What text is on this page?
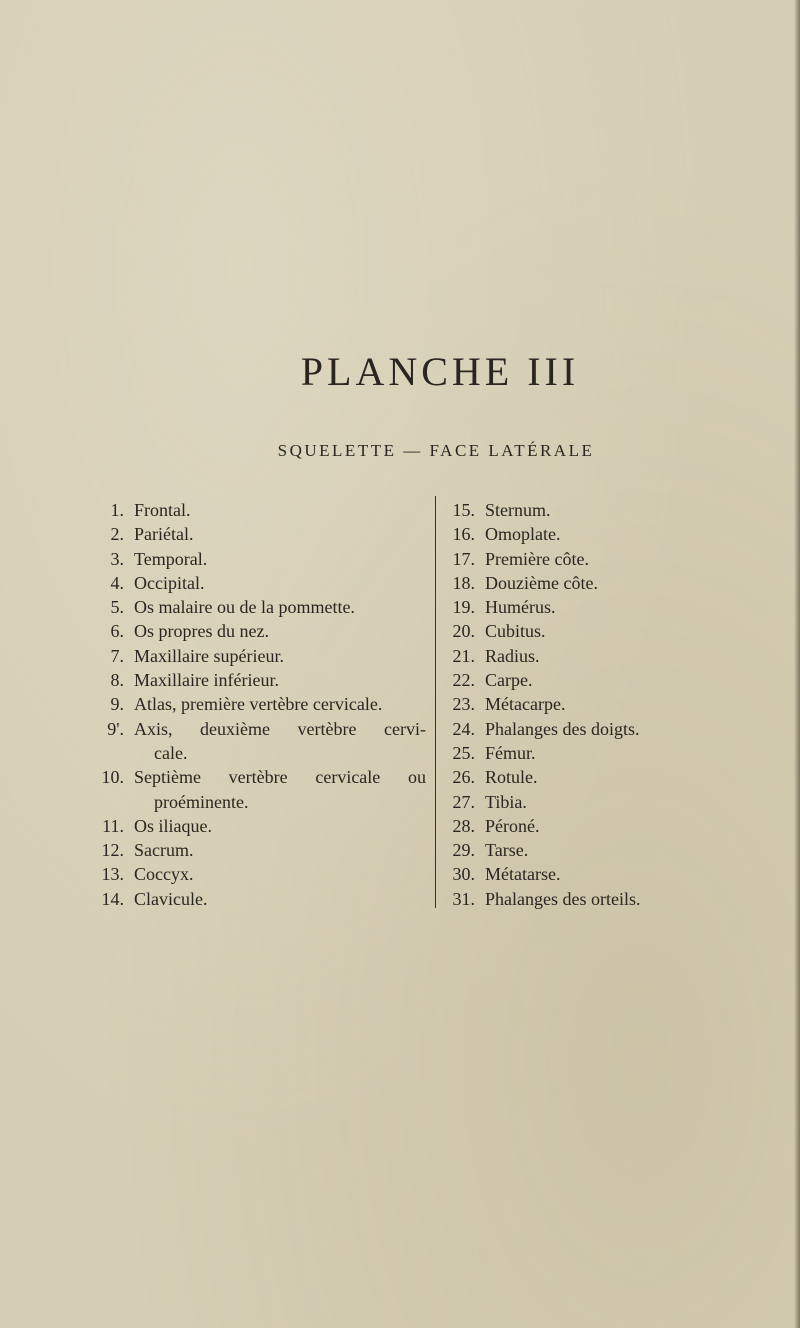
PLANCHE III

SQUELETTE — FACE LATÉRALE

1. Frontal.
2. Pariétal.
3. Temporal.
4. Occipital.
5. Os malaire ou de la pommette.
6. Os propres du nez.
7. Maxillaire supérieur.
8. Maxillaire inférieur.
9. Atlas, première vertèbre cervicale.
9'. Axis, deuxième vertèbre cervi-
cale.
10. Septième vertèbre cervicale ou
proéminente.
11. Os iliaque.
12. Sacrum.
13. Coccyx.
14. Clavicule.
15. Sternum.
16. Omoplate.
17. Première côte.
18. Douzième côte.
19. Humérus.
20. Cubitus.
21. Radius.
22. Carpe.
23. Métacarpe.
24. Phalanges des doigts.
25. Fémur.
26. Rotule.
27. Tibia.
28. Péroné.
29. Tarse.
30. Métatarse.
31. Phalanges des orteils.
